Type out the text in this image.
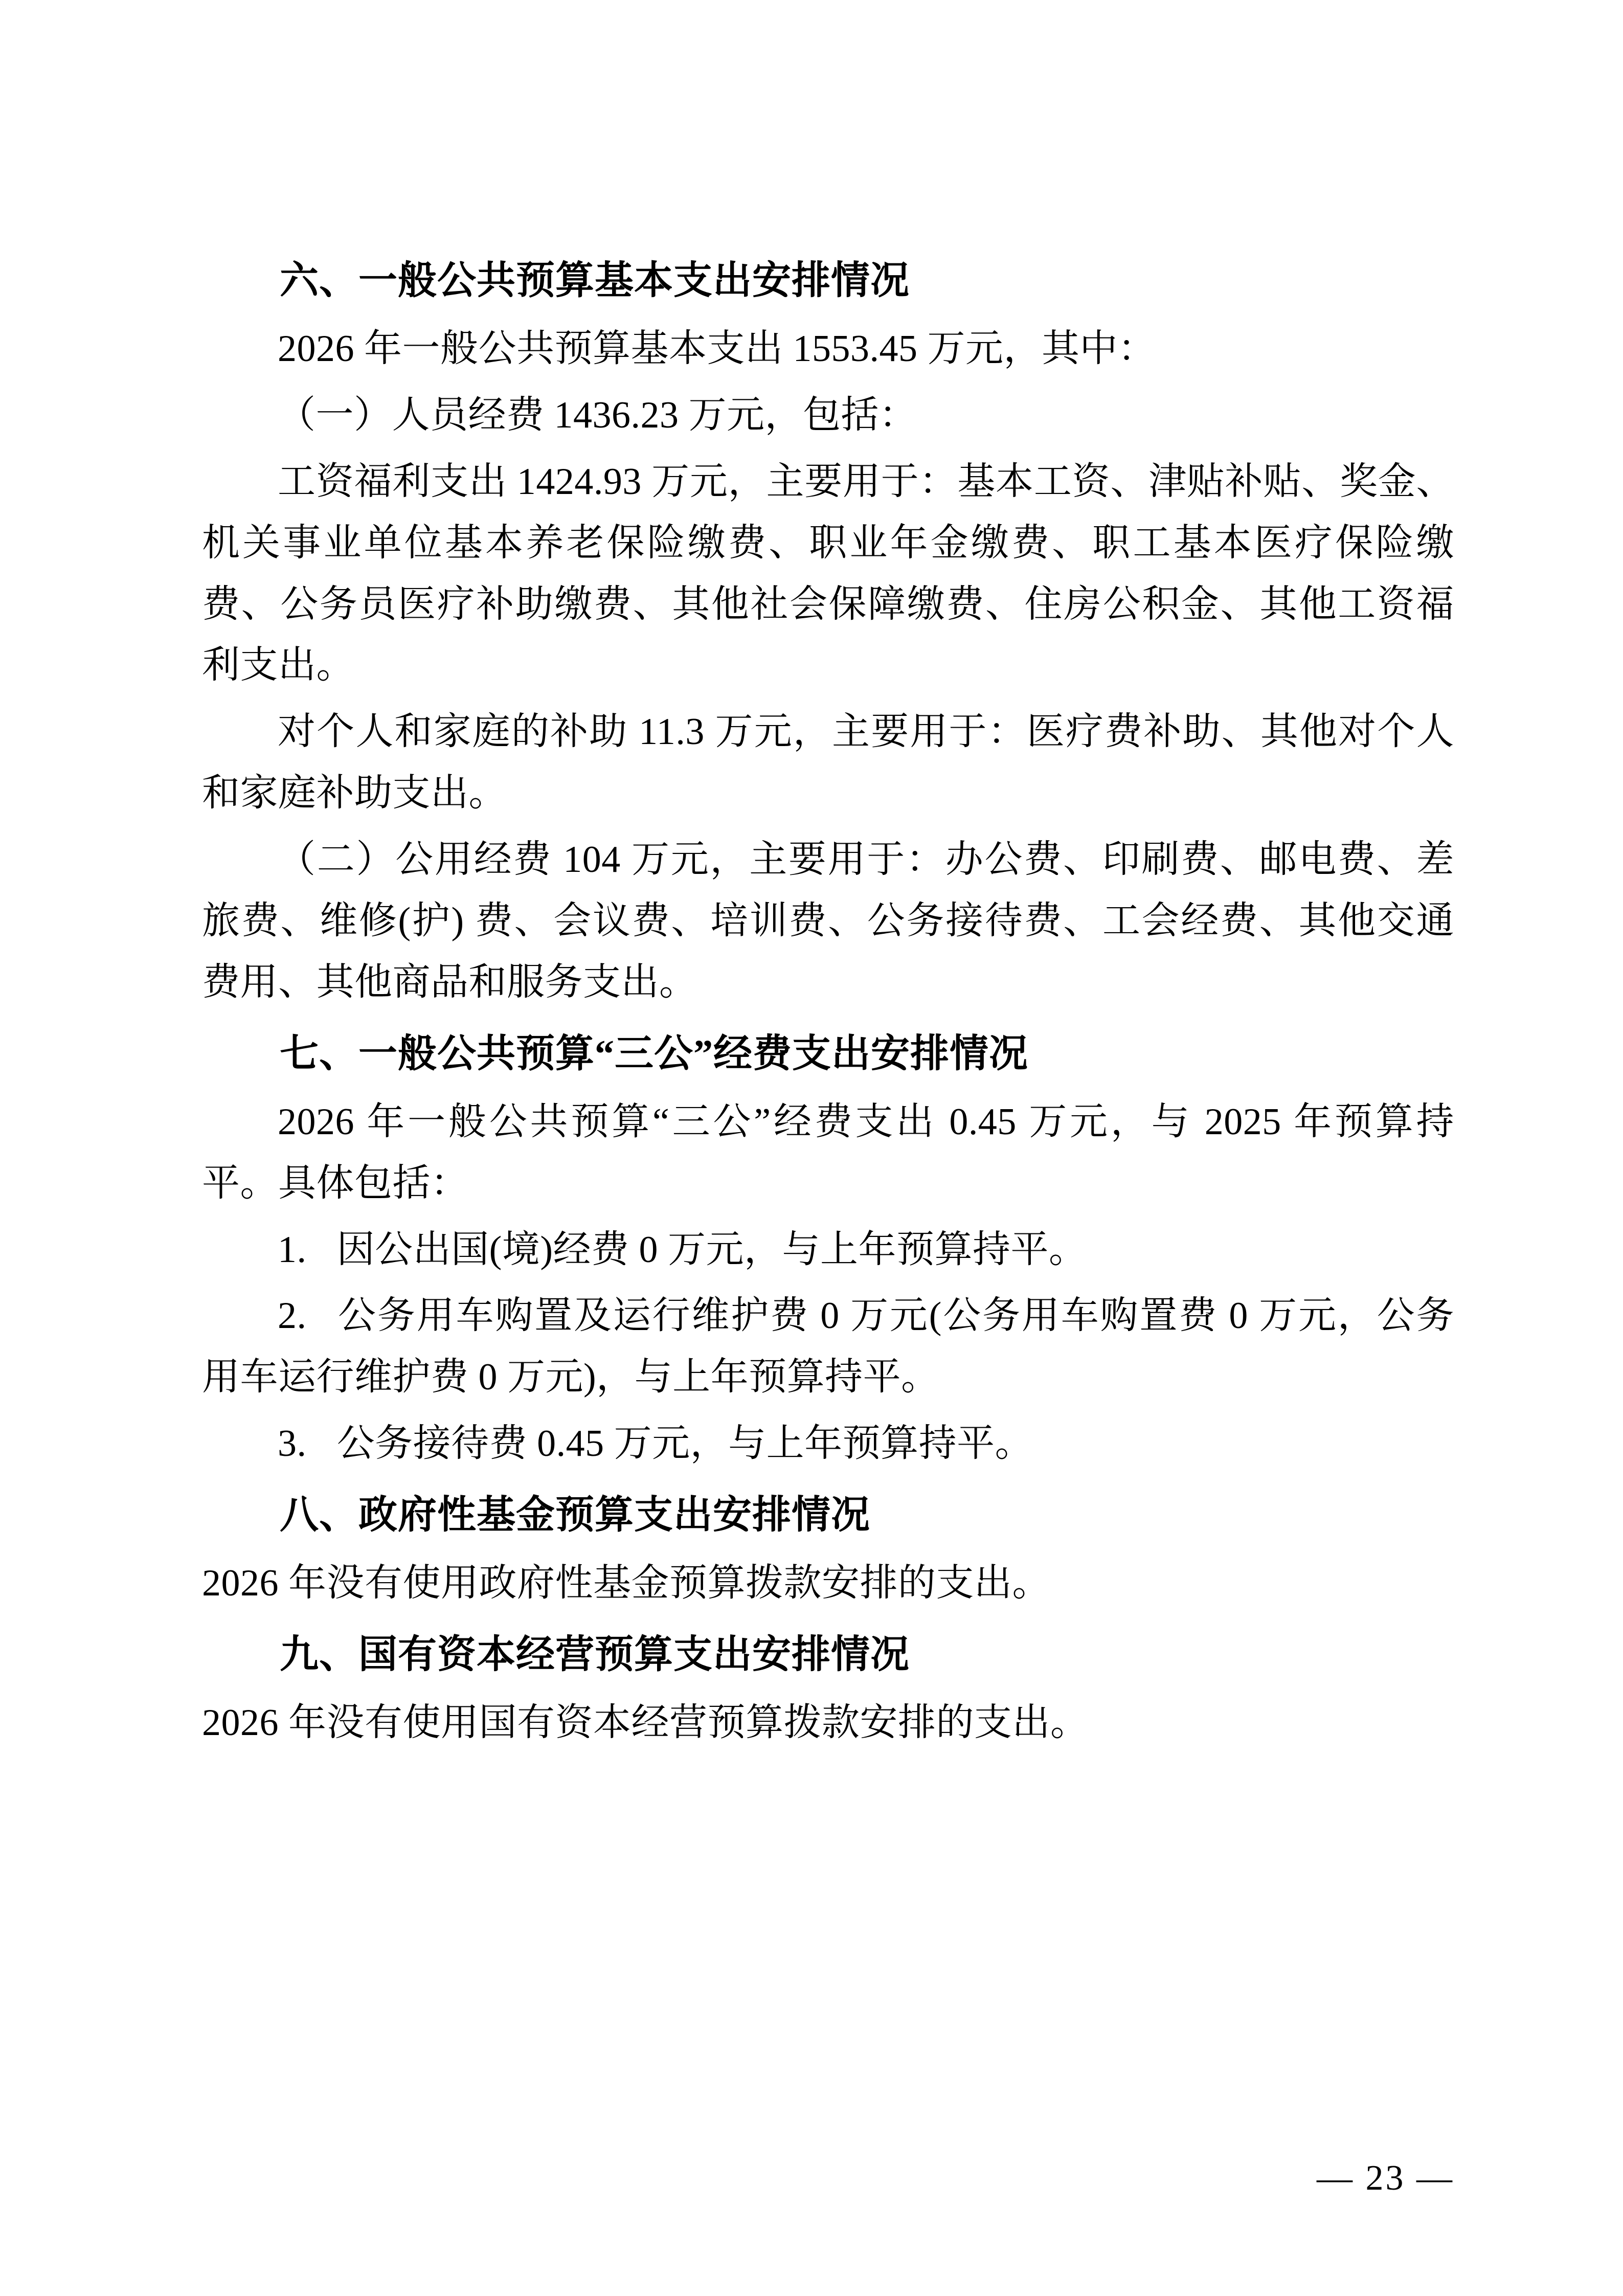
六、一般公共预算基本支出安排情况

2026 年一般公共预算基本支出 1553.45 万元，其中：

（一）人员经费 1436.23 万元，包括：

工资福利支出 1424.93 万元，主要用于：基本工资、津贴补贴、奖金、机关事业单位基本养老保险缴费、职业年金缴费、职工基本医疗保险缴费、公务员医疗补助缴费、其他社会保障缴费、住房公积金、其他工资福利支出。

对个人和家庭的补助 11.3 万元，主要用于：医疗费补助、其他对个人和家庭补助支出。

（二）公用经费 104 万元，主要用于：办公费、印刷费、邮电费、差旅费、维修(护) 费、会议费、培训费、公务接待费、工会经费、其他交通费用、其他商品和服务支出。

七、一般公共预算“三公”经费支出安排情况

2026 年一般公共预算“三公”经费支出 0.45 万元，与 2025 年预算持平。具体包括：

1. 因公出国(境)经费 0 万元，与上年预算持平。

2. 公务用车购置及运行维护费 0 万元(公务用车购置费 0 万元，公务用车运行维护费 0 万元)，与上年预算持平。

3. 公务接待费 0.45 万元，与上年预算持平。

八、政府性基金预算支出安排情况

2026 年没有使用政府性基金预算拨款安排的支出。

九、国有资本经营预算支出安排情况

2026 年没有使用国有资本经营预算拨款安排的支出。

— 23 —
